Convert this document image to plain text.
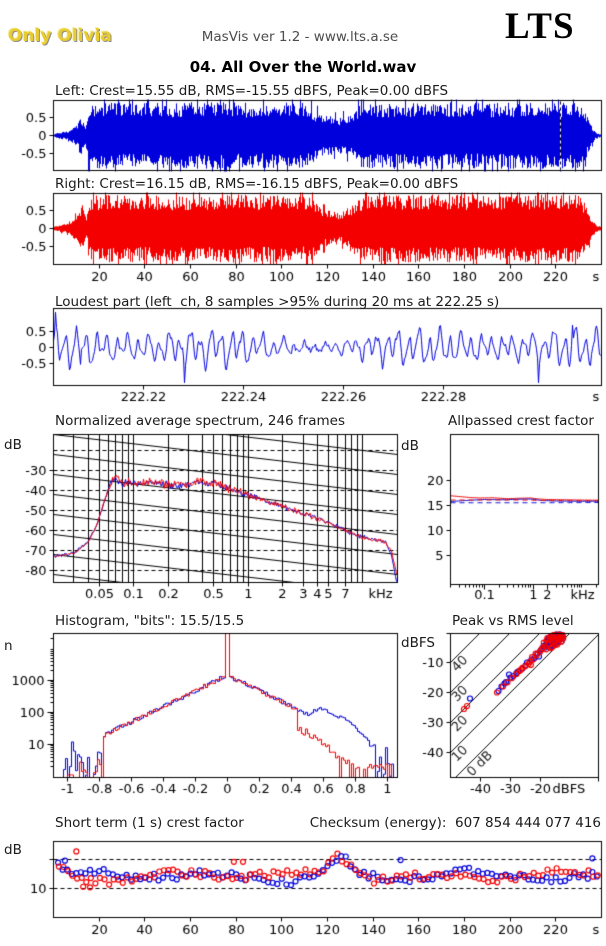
Only Olivia	MasVis ver 1.2 - www.lts.a.se	LTS
04. All Over the World.wav
Left: Crest=15.55 dB, RMS=-15.55 dBFS, Peak=0.00 dBFS
Right: Crest=16.15 dB, RMS=-16.15 dBFS, Peak=0.00 dBFS
Loudest part (left  ch, 8 samples >95% during 20 ms at 222.25 s)
Normalized average spectrum, 246 frames	Allpassed crest factor
Histogram, "bits": 15.5/15.5	Peak vs RMS level
Short term (1 s) crest factor	Checksum (energy):  607 854 444 077 416
dB	dB
n	dBFS
dB
